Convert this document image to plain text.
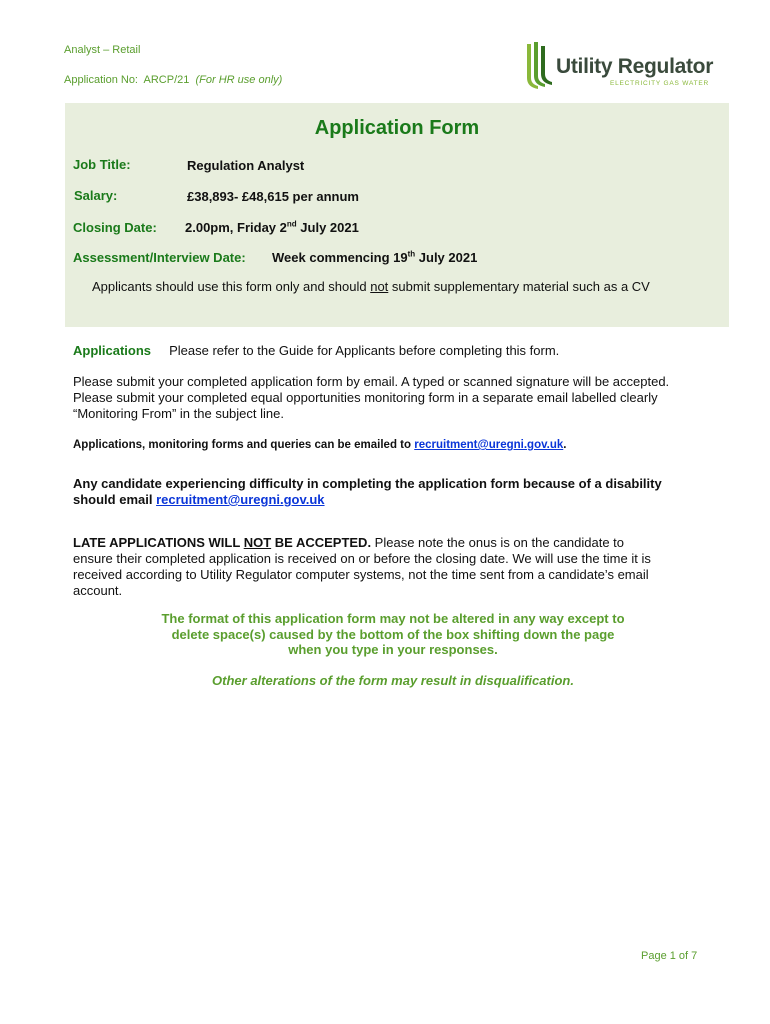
Analyst – Retail
Application No: ARCP/21 (For HR use only)
Utility Regulator
ELECTRICITY GAS WATER
Application Form
Job Title:	Regulation Analyst
Salary:	£38,893- £48,615 per annum
Closing Date: 2.00pm, Friday 2nd July 2021
Assessment/Interview Date: Week commencing 19th July 2021
Applicants should use this form only and should not submit supplementary material such as a CV
Applications Please refer to the Guide for Applicants before completing this form.
Please submit your completed application form by email. A typed or scanned signature will be accepted.
Please submit your completed equal opportunities monitoring form in a separate email labelled clearly
“Monitoring From” in the subject line.
Applications, monitoring forms and queries can be emailed to recruitment@uregni.gov.uk.
Any candidate experiencing difficulty in completing the application form because of a disability
should email recruitment@uregni.gov.uk
LATE APPLICATIONS WILL NOT BE ACCEPTED. Please note the onus is on the candidate to
ensure their completed application is received on or before the closing date. We will use the time it is
received according to Utility Regulator computer systems, not the time sent from a candidate’s email
account.
The format of this application form may not be altered in any way except to
delete space(s) caused by the bottom of the box shifting down the page
when you type in your responses.
Other alterations of the form may result in disqualification.
Page 1 of 7
